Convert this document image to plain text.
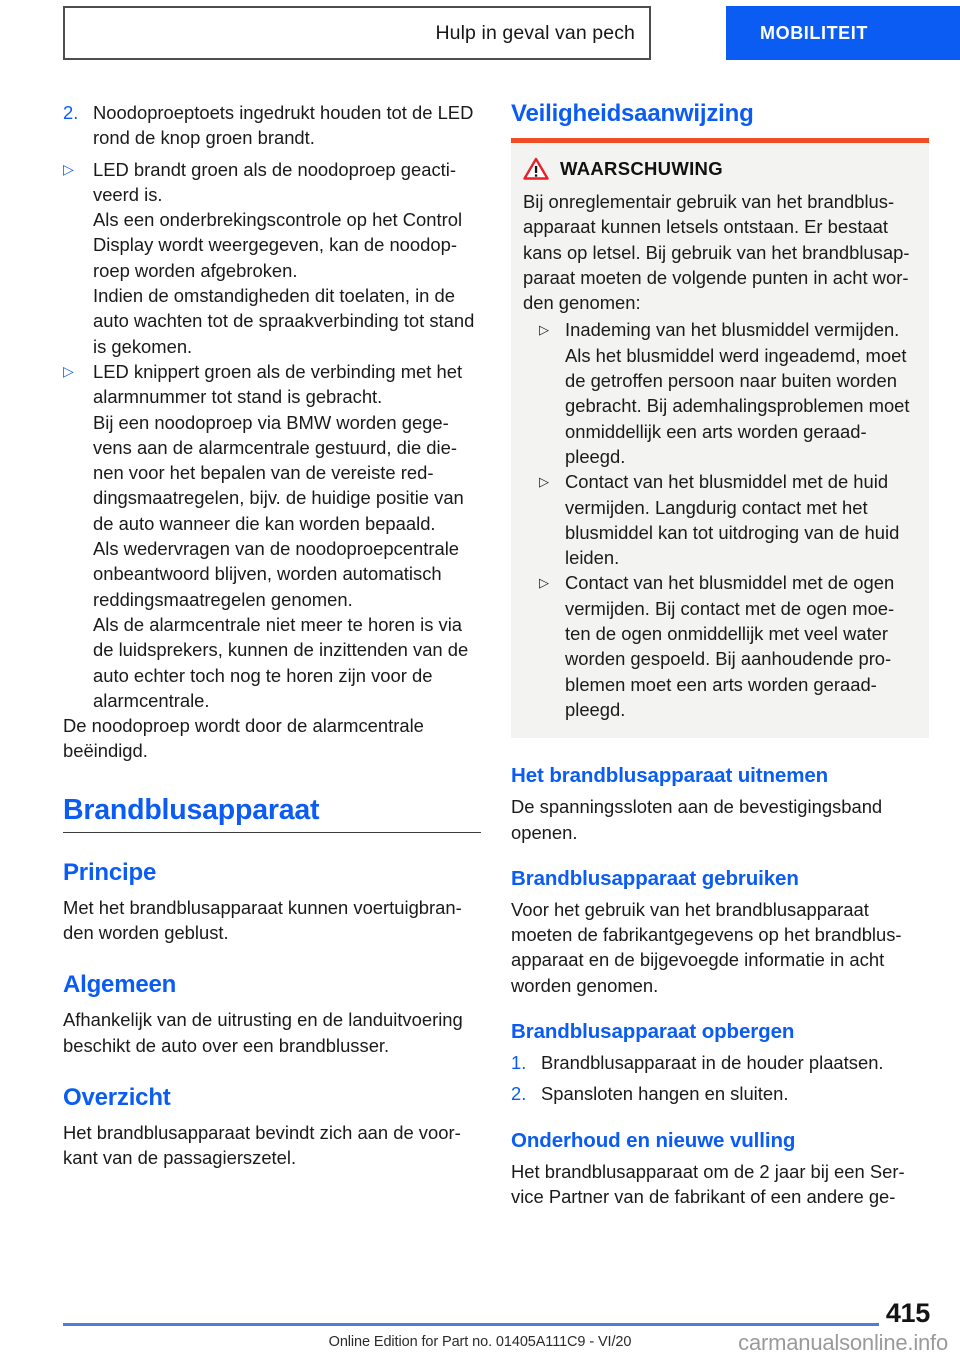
Hulp in geval van pech	MOBILITEIT
2. Noodoproeptoets ingedrukt houden tot de LED rond de knop groen brandt.
▷	LED brandt groen als de noodoproep geacti-veerd is.
Als een onderbrekingscontrole op het Control Display wordt weergegeven, kan de noodop-roep worden afgebroken.
Indien de omstandigheden dit toelaten, in de auto wachten tot de spraakverbinding tot stand is gekomen.
▷	LED knippert groen als de verbinding met het alarmnummer tot stand is gebracht.
Bij een noodoproep via BMW worden gege-vens aan de alarmcentrale gestuurd, die die-nen voor het bepalen van de vereiste red-dingsmaatregelen, bijv. de huidige positie van de auto wanneer die kan worden bepaald.
Als wedervragen van de noodoproepcentrale onbeantwoord blijven, worden automatisch reddingsmaatregelen genomen.
Als de alarmcentrale niet meer te horen is via de luidsprekers, kunnen de inzittenden van de auto echter toch nog te horen zijn voor de alarmcentrale.

De noodoproep wordt door de alarmcentrale beëindigd.

Brandblusapparaat
Principe

Met het brandblusapparaat kunnen voertuigbran-den worden geblust.

Algemeen

Afhankelijk van de uitrusting en de landuitvoering beschikt de auto over een brandblusser.

Overzicht

Het brandblusapparaat bevindt zich aan de voor-kant van de passagierszetel.

Veiligheidsaanwijzing
WAARSCHUWING

Bij onreglementair gebruik van het brandblus-apparaat kunnen letsels ontstaan. Er bestaat kans op letsel. Bij gebruik van het brandblusap-paraat moeten de volgende punten in acht wor-den genomen:

▷ Inademing van het blusmiddel vermijden. Als het blusmiddel werd ingeademd, moet de getroffen persoon naar buiten worden gebracht. Bij ademhalingsproblemen moet onmiddellijk een arts worden geraad-pleegd.
▷ Contact van het blusmiddel met de huid vermijden. Langdurig contact met het blusmiddel kan tot uitdroging van de huid leiden.
▷ Contact van het blusmiddel met de ogen vermijden. Bij contact met de ogen moe-ten de ogen onmiddellijk met veel water worden gespoeld. Bij aanhoudende pro-blemen moet een arts worden geraad-pleegd.
Het brandblusapparaat uitnemen

De spanningssloten aan de bevestigingsband openen.

Brandblusapparaat gebruiken

Voor het gebruik van het brandblusapparaat moeten de fabrikantgegevens op het brandblus-apparaat en de bijgevoegde informatie in acht worden genomen.

Brandblusapparaat opbergen
1. Brandblusapparaat in de houder plaatsen.
2. Spansloten hangen en sluiten.
Onderhoud en nieuwe vulling

Het brandblusapparaat om de 2 jaar bij een Ser-vice Partner van de fabrikant of een andere ge-

415
Online Edition for Part no. 01405A111C9 - VI/20	carmanualsonline.info
